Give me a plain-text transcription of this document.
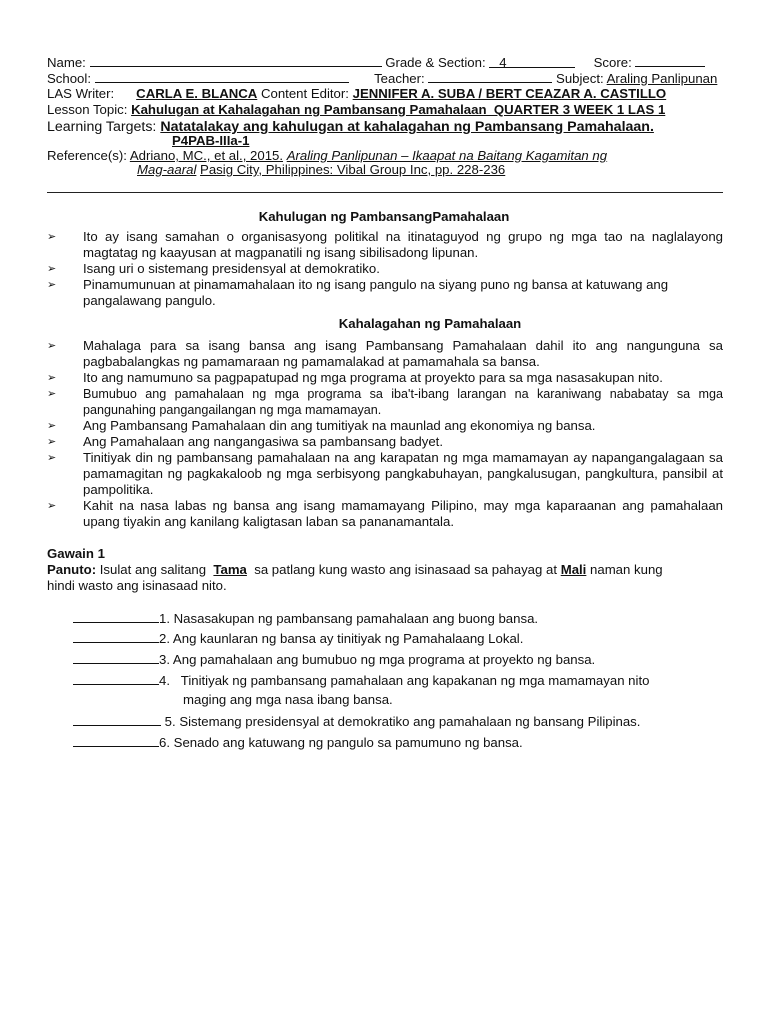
Name:	Grade & Section: 4	Score:
School:	Teacher:	Subject: Araling Panlipunan
LAS Writer: CARLA E. BLANCA Content Editor: JENNIFER A. SUBA / BERT CEAZAR A. CASTILLO
Lesson Topic: Kahulugan at Kahalagahan ng Pambansang Pamahalaan  QUARTER 3 WEEK 1 LAS 1
Learning Targets: Natatalakay ang kahulugan at kahalagahan ng Pambansang Pamahalaan.
P4PAB-IIIa-1
Reference(s): Adriano, MC., et al., 2015. Araling Panlipunan – Ikaapat na Baitang Kagamitan ng
Mag-aaral Pasig City, Philippines: Vibal Group Inc, pp. 228-236
Kahulugan ng PambansangPamahalaan
➢ Ito ay isang samahan o organisasyong politikal na itinataguyod ng grupo ng mga tao na naglalayong magtatag ng kaayusan at magpanatili ng isang sibilisadong lipunan.
➢ Isang uri o sistemang presidensyal at demokratiko.
➢ Pinamumunuan at pinamamahalaan ito ng isang pangulo na siyang puno ng bansa at katuwang ang pangalawang pangulo.
Kahalagahan ng Pamahalaan
➢ Mahalaga para sa isang bansa ang isang Pambansang Pamahalaan dahil ito ang nangunguna sa pagbabalangkas ng pamamaraan ng pamamalakad at pamamahala sa bansa.
➢ Ito ang namumuno sa pagpapatupad ng mga programa at proyekto para sa mga nasasakupan nito.
➢ Bumubuo ang pamahalaan ng mga programa sa iba't-ibang larangan na karaniwang nababatay sa mga pangunahing pangangailangan ng mga mamamayan.
➢ Ang Pambansang Pamahalaan din ang tumitiyak na maunlad ang ekonomiya ng bansa.
➢ Ang Pamahalaan ang nangangasiwa sa pambansang badyet.
➢ Tinitiyak din ng pambansang pamahalaan na ang karapatan ng mga mamamayan ay napangangalagaan sa pamamagitan ng pagkakaloob ng mga serbisyong pangkabuhayan, pangkalusugan, pangkultura, pansibil at pampolitika.
➢ Kahit na nasa labas ng bansa ang isang mamamayang Pilipino, may mga kaparaanan ang pamahalaan upang tiyakin ang kanilang kaligtasan laban sa pananamantala.
Gawain 1
Panuto: Isulat ang salitang Tama sa patlang kung wasto ang isinasaad sa pahayag at Mali naman kung
hindi wasto ang isinasaad nito.
1. Nasasakupan ng pambansang pamahalaan ang buong bansa.
2. Ang kaunlaran ng bansa ay tinitiyak ng Pamahalaang Lokal.
3. Ang pamahalaan ang bumubuo ng mga programa at proyekto ng bansa.
4.   Tinitiyak ng pambansang pamahalaan ang kapakanan ng mga mamamayan nito
maging ang mga nasa ibang bansa.
5. Sistemang presidensyal at demokratiko ang pamahalaan ng bansang Pilipinas.
6. Senado ang katuwang ng pangulo sa pamumuno ng bansa.
